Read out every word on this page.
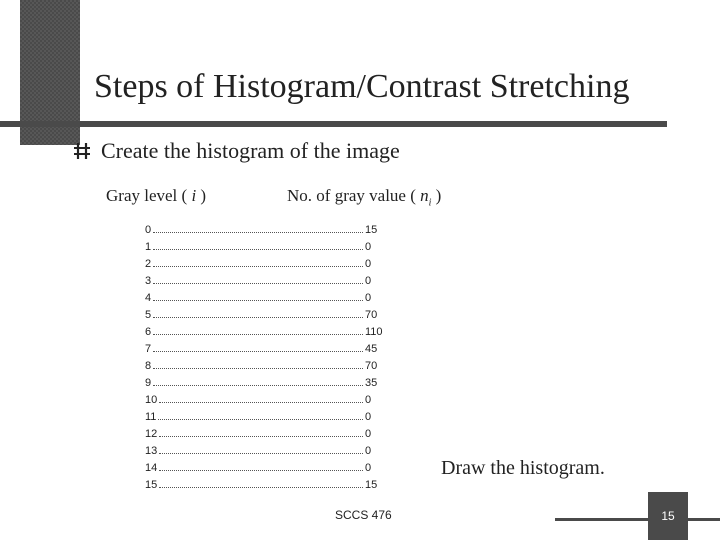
Steps of Histogram/Contrast Stretching
Create the histogram of the image
Gray level ( i )	No. of gray value ( $n_i$ )
0	15
1	0
2	0
3	0
4	0
5	70
6	110
7	45
8	70
9	35
10	0
11	0
12	0
13	0
14	0
15	15
Draw the histogram.
SCCS 476	15
